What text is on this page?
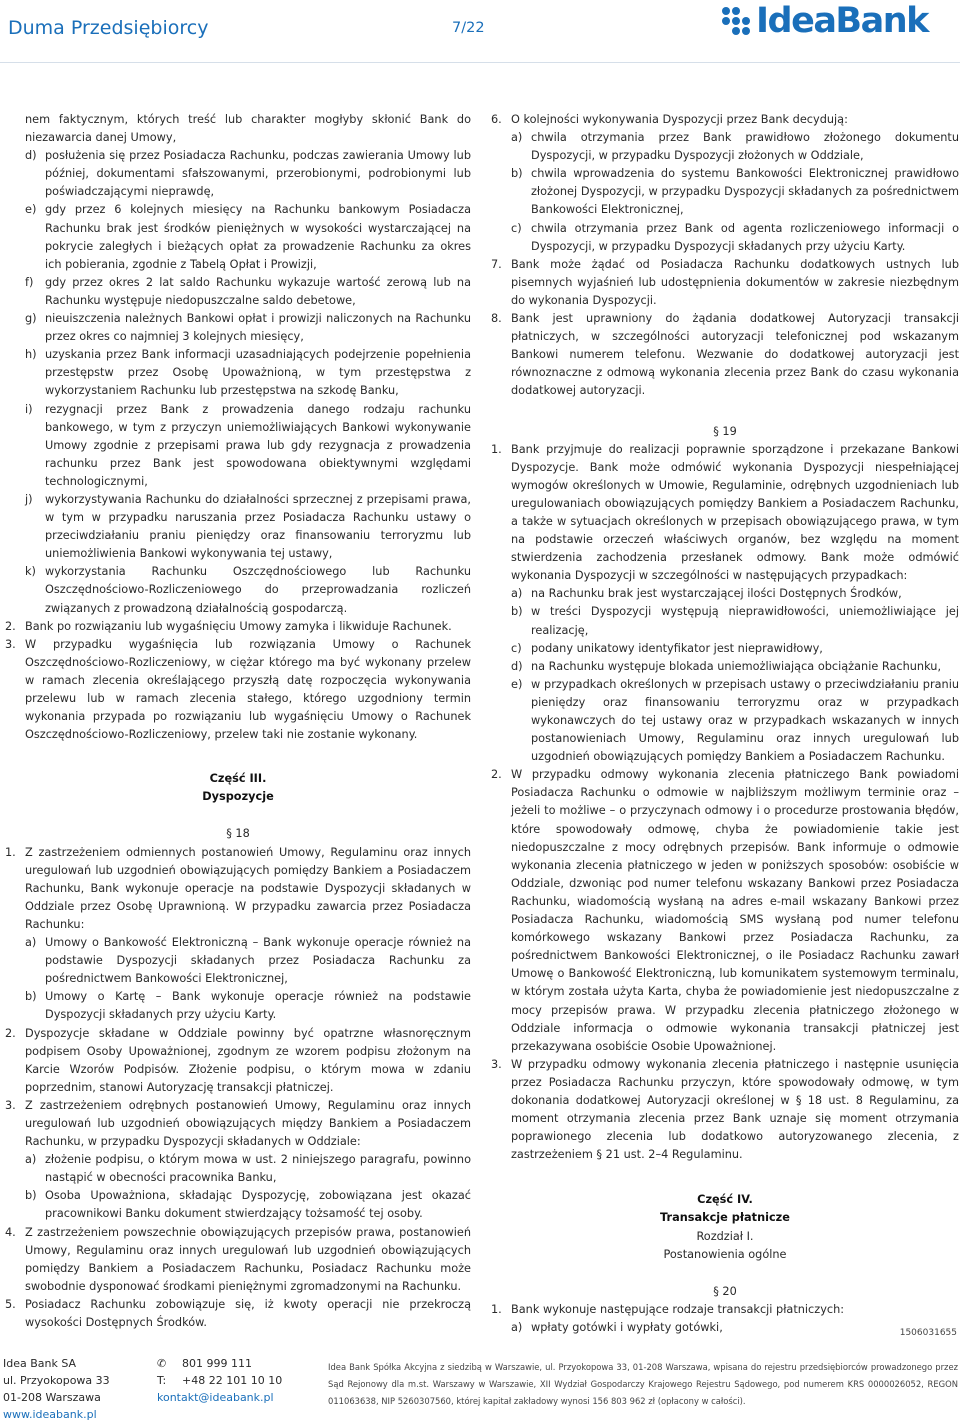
Duma Przedsiębiorcy	7/22	IdeaBank

nem faktycznym, których treść lub charakter mogłyby skłonić Bank do niezawarcia danej Umowy,

d) posłużenia się przez Posiadacza Rachunku, podczas zawierania Umowy lub później, dokumentami sfałszowanymi, przerobionymi, podrobionymi lub poświadczającymi nieprawdę,

e) gdy przez 6 kolejnych miesięcy na Rachunku bankowym Posiadacza Rachunku brak jest środków pieniężnych w wysokości wystarczającej na pokrycie zaległych i bieżących opłat za prowadzenie Rachunku za okres ich pobierania, zgodnie z Tabelą Opłat i Prowizji,

f) gdy przez okres 2 lat saldo Rachunku wykazuje wartość zerową lub na Rachunku występuje niedopuszczalne saldo debetowe,

g) nieuiszczenia należnych Bankowi opłat i prowizji naliczonych na Rachunku przez okres co najmniej 3 kolejnych miesięcy,

h) uzyskania przez Bank informacji uzasadniających podejrzenie popełnienia przestępstw przez Osobę Upoważnioną, w tym przestępstwa z wykorzystaniem Rachunku lub przestępstwa na szkodę Banku,

i) rezygnacji przez Bank z prowadzenia danego rodzaju rachunku bankowego, w tym z przyczyn uniemożliwiających Bankowi wykonywanie Umowy zgodnie z przepisami prawa lub gdy rezygnacja z prowadzenia rachunku przez Bank jest spowodowana obiektywnymi względami technologicznymi,

j) wykorzystywania Rachunku do działalności sprzecznej z przepisami prawa, w tym w przypadku naruszania przez Posiadacza Rachunku ustawy o przeciwdziałaniu praniu pieniędzy oraz finansowaniu terroryzmu lub uniemożliwienia Bankowi wykonywania tej ustawy,

k) wykorzystania Rachunku Oszczędnościowego lub Rachunku Oszczędnościowo-Rozliczeniowego do przeprowadzania rozliczeń związanych z prowadzoną działalnością gospodarczą.

2. Bank po rozwiązaniu lub wygaśnięciu Umowy zamyka i likwiduje Rachunek.

3. W przypadku wygaśnięcia lub rozwiązania Umowy o Rachunek Oszczędnościowo-Rozliczeniowy, w ciężar którego ma być wykonany przelew w ramach zlecenia określającego przyszłą datę rozpoczęcia wykonywania przelewu lub w ramach zlecenia stałego, którego uzgodniony termin wykonania przypada po rozwiązaniu lub wygaśnięciu Umowy o Rachunek Oszczędnościowo-Rozliczeniowy, przelew taki nie zostanie wykonany.

Część III.

Dyspozycje

§ 18

1. Z zastrzeżeniem odmiennych postanowień Umowy, Regulaminu oraz innych uregulowań lub uzgodnień obowiązujących pomiędzy Bankiem a Posiadaczem Rachunku, Bank wykonuje operacje na podstawie Dyspozycji składanych w Oddziale przez Osobę Uprawnioną. W przypadku zawarcia przez Posiadacza Rachunku:

a) Umowy o Bankowość Elektroniczną – Bank wykonuje operacje również na podstawie Dyspozycji składanych przez Posiadacza Rachunku za pośrednictwem Bankowości Elektronicznej,

b) Umowy o Kartę – Bank wykonuje operacje również na podstawie Dyspozycji składanych przy użyciu Karty.

2. Dyspozycje składane w Oddziale powinny być opatrzne własnoręcznym podpisem Osoby Upoważnionej, zgodnym ze wzorem podpisu złożonym na Karcie Wzorów Podpisów. Złożenie podpisu, o którym mowa w zdaniu poprzednim, stanowi Autoryzację transakcji płatniczej.

3. Z zastrzeżeniem odrębnych postanowień Umowy, Regulaminu oraz innych uregulowań lub uzgodnień obowiązujących między Bankiem a Posiadaczem Rachunku, w przypadku Dyspozycji składanych w Oddziale:

a) złożenie podpisu, o którym mowa w ust. 2 niniejszego paragrafu, powinno nastąpić w obecności pracownika Banku,

b) Osoba Upoważniona, składając Dyspozycję, zobowiązana jest okazać pracownikowi Banku dokument stwierdzający tożsamość tej osoby.

4. Z zastrzeżeniem powszechnie obowiązujących przepisów prawa, postanowień Umowy, Regulaminu oraz innych uregulowań lub uzgodnień obowiązujących pomiędzy Bankiem a Posiadaczem Rachunku, Posiadacz Rachunku może swobodnie dysponować środkami pieniężnymi zgromadzonymi na Rachunku.

5. Posiadacz Rachunku zobowiązuje się, iż kwoty operacji nie przekroczą wysokości Dostępnych Środków.

6. O kolejności wykonywania Dyspozycji przez Bank decydują:

a) chwila otrzymania przez Bank prawidłowo złożonego dokumentu Dyspozycji, w przypadku Dyspozycji złożonych w Oddziale,

b) chwila wprowadzenia do systemu Bankowości Elektronicznej prawidłowo złożonej Dyspozycji, w przypadku Dyspozycji składanych za pośrednictwem Bankowości Elektronicznej,

c) chwila otrzymania przez Bank od agenta rozliczeniowego informacji o Dyspozycji, w przypadku Dyspozycji składanych przy użyciu Karty.

7. Bank może żądać od Posiadacza Rachunku dodatkowych ustnych lub pisemnych wyjaśnień lub udostępnienia dokumentów w zakresie niezbędnym do wykonania Dyspozycji.

8. Bank jest uprawniony do żądania dodatkowej Autoryzacji transakcji płatniczych, w szczególności autoryzacji telefonicznej pod wskazanym Bankowi numerem telefonu. Wezwanie do dodatkowej autoryzacji jest równoznaczne z odmową wykonania zlecenia przez Bank do czasu wykonania dodatkowej autoryzacji.

§ 19

1. Bank przyjmuje do realizacji poprawnie sporządzone i przekazane Bankowi Dyspozycje. Bank może odmówić wykonania Dyspozycji niespełniającej wymogów określonych w Umowie, Regulaminie, odrębnych uzgodnieniach lub uregulowaniach obowiązujących pomiędzy Bankiem a Posiadaczem Rachunku, a także w sytuacjach określonych w przepisach obowiązującego prawa, w tym na podstawie orzeczeń właściwych organów, bez względu na moment stwierdzenia zachodzenia przesłanek odmowy. Bank może odmówić wykonania Dyspozycji w szczególności w następujących przypadkach:

a) na Rachunku brak jest wystarczającej ilości Dostępnych Środków,

b) w treści Dyspozycji występują nieprawidłowości, uniemożliwiające jej realizację,

c) podany unikatowy identyfikator jest nieprawidłowy,

d) na Rachunku występuje blokada uniemożliwiająca obciążanie Rachunku,

e) w przypadkach określonych w przepisach ustawy o przeciwdziałaniu praniu pieniędzy oraz finansowaniu terroryzmu oraz w przypadkach wykonawczych do tej ustawy oraz w przypadkach wskazanych w innych postanowieniach Umowy, Regulaminu oraz innych uregulowań lub uzgodnień obowiązujących pomiędzy Bankiem a Posiadaczem Rachunku.

2. W przypadku odmowy wykonania zlecenia płatniczego Bank powiadomi Posiadacza Rachunku o odmowie w najbliższym możliwym terminie oraz – jeżeli to możliwe – o przyczynach odmowy i o procedurze prostowania błędów, które spowodowały odmowę, chyba że powiadomienie takie jest niedopuszczalne z mocy odrębnych przepisów. Bank informuje o odmowie wykonania zlecenia płatniczego w jeden w poniższych sposobów: osobiście w Oddziale, dzwoniąc pod numer telefonu wskazany Bankowi przez Posiadacza Rachunku, wiadomością wysłaną na adres e-mail wskazany Bankowi przez Posiadacza Rachunku, wiadomością SMS wysłaną pod numer telefonu komórkowego wskazany Bankowi przez Posiadacza Rachunku, za pośrednictwem Bankowości Elektronicznej, o ile Posiadacz Rachunku zawarł Umowę o Bankowość Elektroniczną, lub komunikatem systemowym terminalu, w którym została użyta Karta, chyba że powiadomienie jest niedopuszczalne z mocy przepisów prawa. W przypadku zlecenia płatniczego złożonego w Oddziale informacja o odmowie wykonania transakcji płatniczej jest przekazywana osobiście Osobie Upoważnionej.

3. W przypadku odmowy wykonania zlecenia płatniczego i następnie usunięcia przez Posiadacza Rachunku przyczyn, które spowodowały odmowę, w tym dokonania dodatkowej Autoryzacji określonej w § 18 ust. 8 Regulaminu, za moment otrzymania zlecenia przez Bank uznaje się moment otrzymania poprawionego zlecenia lub dodatkowo autoryzowanego zlecenia, z zastrzeżeniem § 21 ust. 2–4 Regulaminu.

Część IV.

Transakcje płatnicze

Rozdział I.

Postanowienia ogólne

§ 20

1. Bank wykonuje następujące rodzaje transakcji płatniczych:

a) wpłaty gotówki i wypłaty gotówki,	1506031655
Idea Bank SA
ul. Przyokopowa 33
01-208 Warszawa
www.ideabank.pl
✆	801 999 111
T:	+48 22 101 10 10
kontakt@ideabank.pl
Idea Bank Spółka Akcyjna z siedzibą w Warszawie, ul. Przyokopowa 33, 01-208 Warszawa, wpisana do rejestru przedsiębiorców prowadzonego przez Sąd Rejonowy dla m.st. Warszawy w Warszawie, XII Wydział Gospodarczy Krajowego Rejestru Sądowego, pod numerem KRS 0000026052, REGON 011063638, NIP 5260307560, której kapitał zakładowy wynosi 156 803 962 zł (opłacony w całości).
